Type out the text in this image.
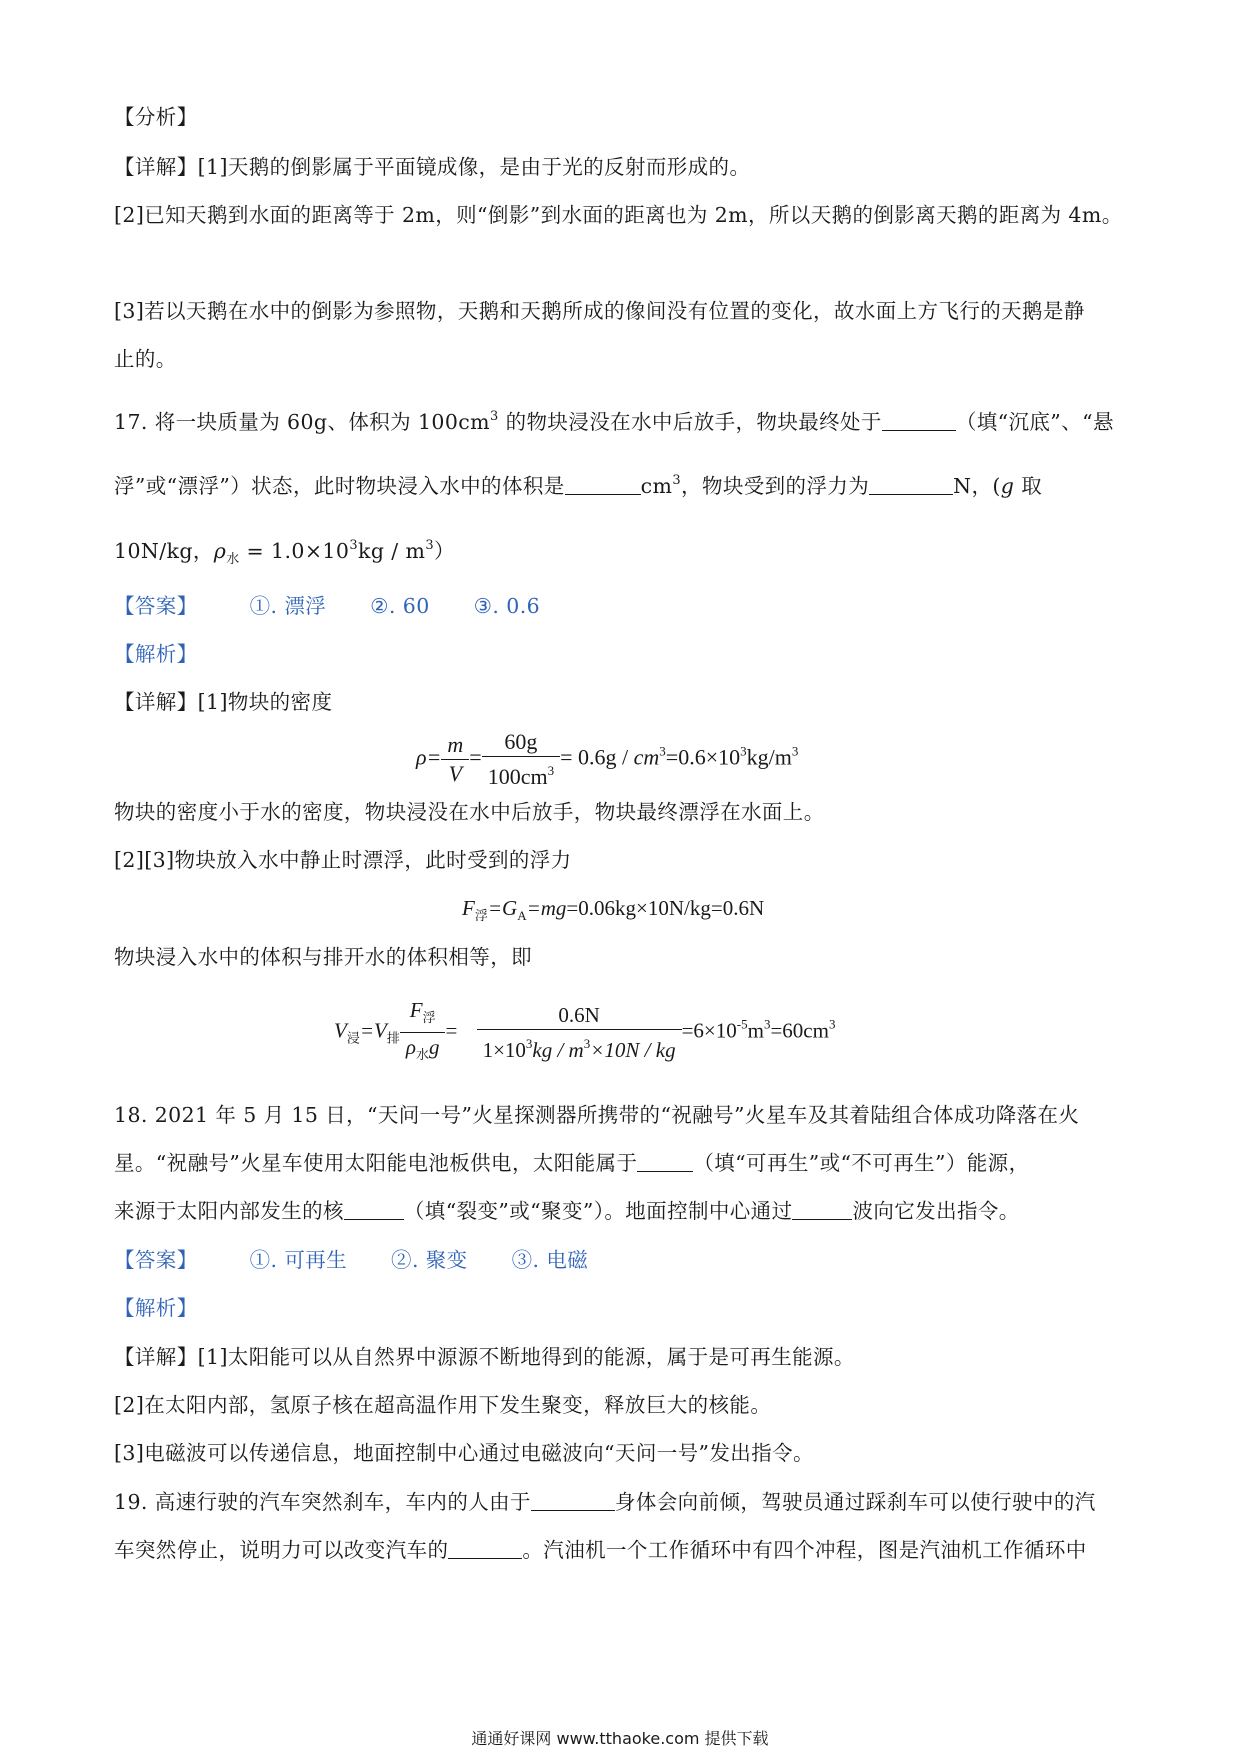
【分析】
【详解】[1]天鹅的倒影属于平面镜成像，是由于光的反射而形成的。
[2]已知天鹅到水面的距离等于 2m，则“倒影”到水面的距离也为 2m，所以天鹅的倒影离天鹅的距离为 4m。
[3]若以天鹅在水中的倒影为参照物，天鹅和天鹅所成的像间没有位置的变化，故水面上方飞行的天鹅是静
止的。
17. 将一块质量为 60g、体积为 $100cm^3$ 的物块浸没在水中后放手，物块最终处于	（填“沉底”、“悬
浮”或“漂浮”）状态，此时物块浸入水中的体积是	$cm^3$，物块受到的浮力为	N，(g 取
10N/kg，$\rho_水 = 1.0\times 10^3kg / m^3$）
【答案】	①. 漂浮 ②. 60 ③. 0.6
【解析】
【详解】[1]物块的密度
$\rho= \frac{m}{V} = \frac{60g}{100cm^3} = 0.6g / cm^3=0.6\times 10^3kg/m^3$
物块的密度小于水的密度，物块浸没在水中后放手，物块最终漂浮在水面上。
[2][3]物块放入水中静止时漂浮，此时受到的浮力
$F_浮=G_A=mg=0.06kg\times 10N/kg=0.6N$
物块浸入水中的体积与排开水的体积相等，即
$V_浸=V_排 \frac{F_浮}{\rho_水g} = \frac{0.6N}{1\times 10^3kg / m^3\times 10N / kg} =6\times 10^{-5}m^3=60cm^3$
18. 2021 年 5 月 15 日，“天问一号”火星探测器所携带的“祝融号”火星车及其着陆组合体成功降落在火
星。“祝融号”火星车使用太阳能电池板供电，太阳能属于	（填“可再生”或“不可再生”）能源，
来源于太阳内部发生的核	（填“裂变”或“聚变”）。地面控制中心通过	波向它发出指令。
【答案】	①. 可再生 ②. 聚变 ③. 电磁
【解析】
【详解】[1]太阳能可以从自然界中源源不断地得到的能源，属于是可再生能源。
[2]在太阳内部，氢原子核在超高温作用下发生聚变，释放巨大的核能。
[3]电磁波可以传递信息，地面控制中心通过电磁波向“天问一号”发出指令。
19. 高速行驶的汽车突然刹车，车内的人由于	身体会向前倾，驾驶员通过踩刹车可以使行驶中的汽
车突然停止，说明力可以改变汽车的	。汽油机一个工作循环中有四个冲程，图是汽油机工作循环中
通通好课网 www.tthaoke.com 提供下载
